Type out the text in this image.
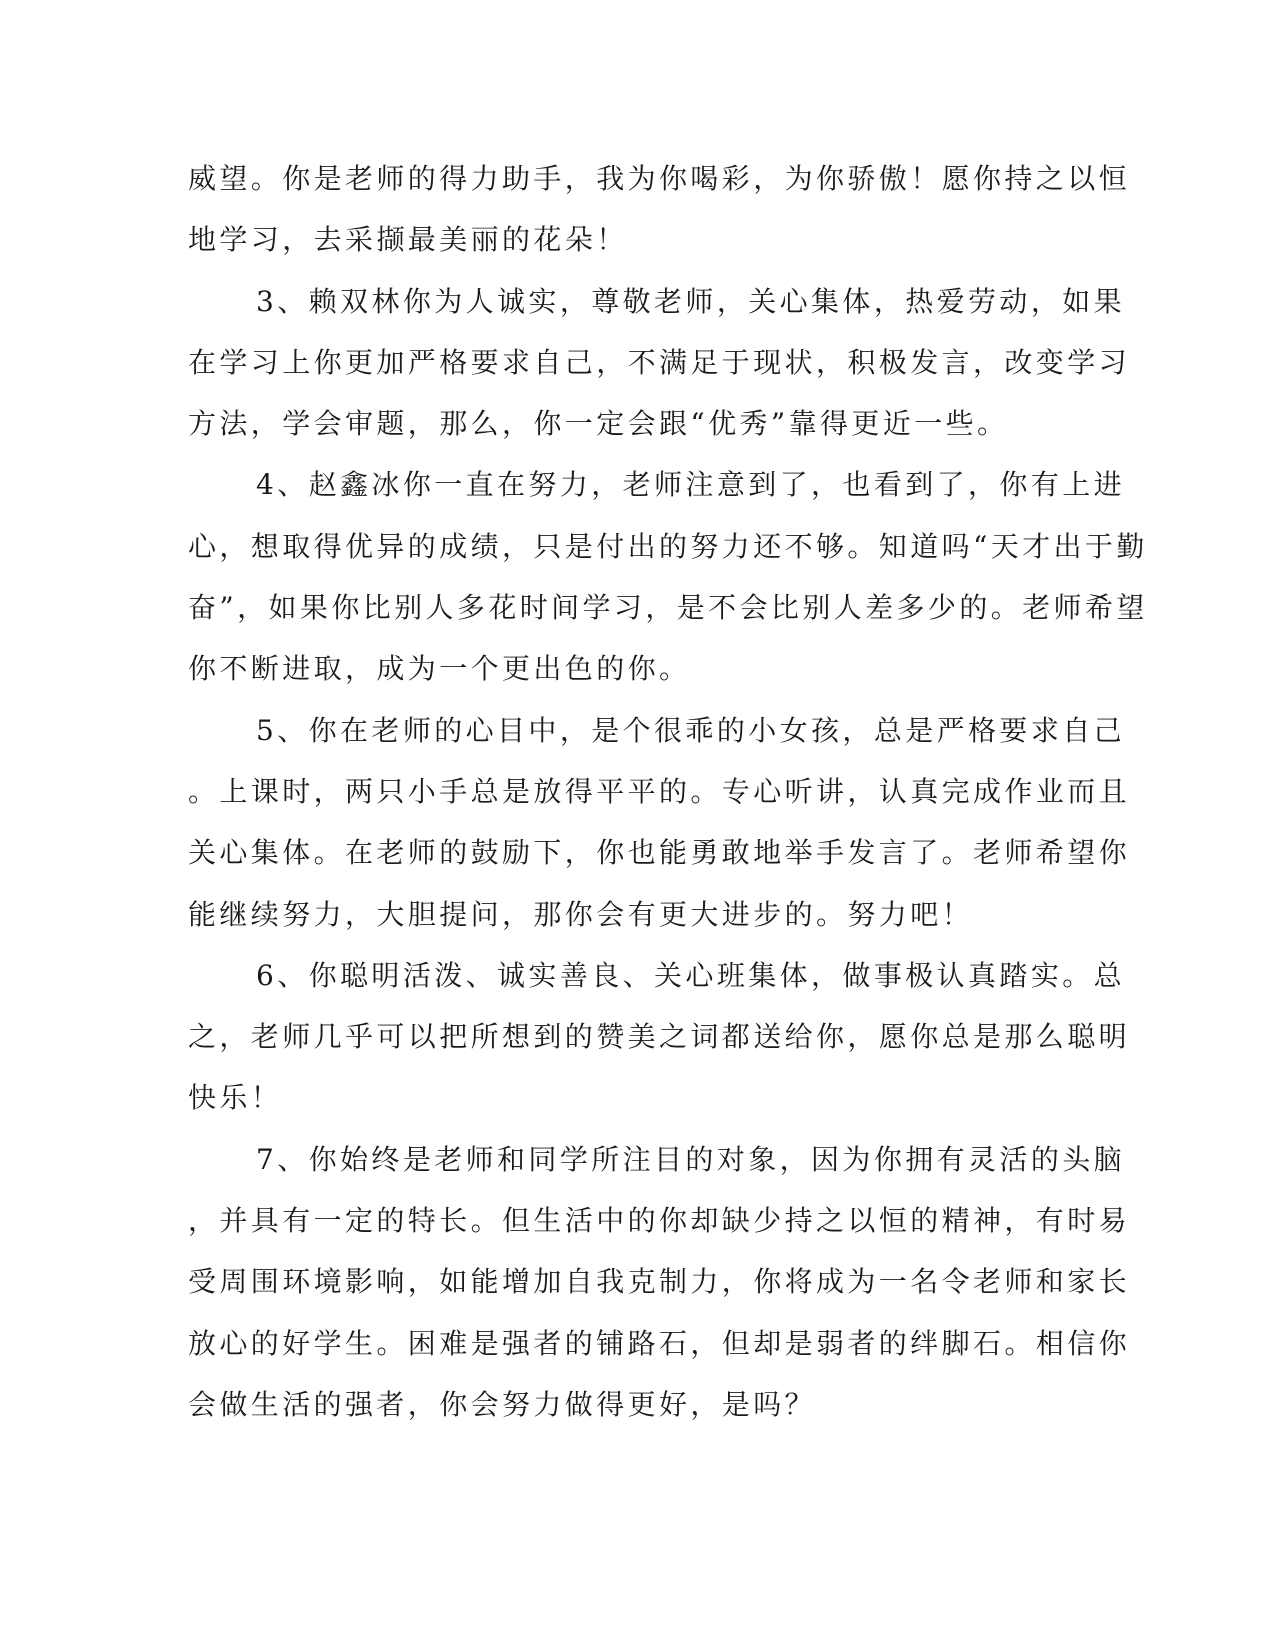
威望。你是老师的得力助手，我为你喝彩，为你骄傲！愿你持之以恒
地学习，去采撷最美丽的花朵！
3、赖双林你为人诚实，尊敬老师，关心集体，热爱劳动，如果
在学习上你更加严格要求自己，不满足于现状，积极发言，改变学习
方法，学会审题，那么，你一定会跟“优秀”靠得更近一些。
4、赵鑫冰你一直在努力，老师注意到了，也看到了，你有上进
心，想取得优异的成绩，只是付出的努力还不够。知道吗“天才出于勤
奋”，如果你比别人多花时间学习，是不会比别人差多少的。老师希望
你不断进取，成为一个更出色的你。
5、你在老师的心目中，是个很乖的小女孩，总是严格要求自己
。上课时，两只小手总是放得平平的。专心听讲，认真完成作业而且
关心集体。在老师的鼓励下，你也能勇敢地举手发言了。老师希望你
能继续努力，大胆提问，那你会有更大进步的。努力吧！
6、你聪明活泼、诚实善良、关心班集体，做事极认真踏实。总
之，老师几乎可以把所想到的赞美之词都送给你，愿你总是那么聪明
快乐！
7、你始终是老师和同学所注目的对象，因为你拥有灵活的头脑
，并具有一定的特长。但生活中的你却缺少持之以恒的精神，有时易
受周围环境影响，如能增加自我克制力，你将成为一名令老师和家长
放心的好学生。困难是强者的铺路石，但却是弱者的绊脚石。相信你
会做生活的强者，你会努力做得更好，是吗？
